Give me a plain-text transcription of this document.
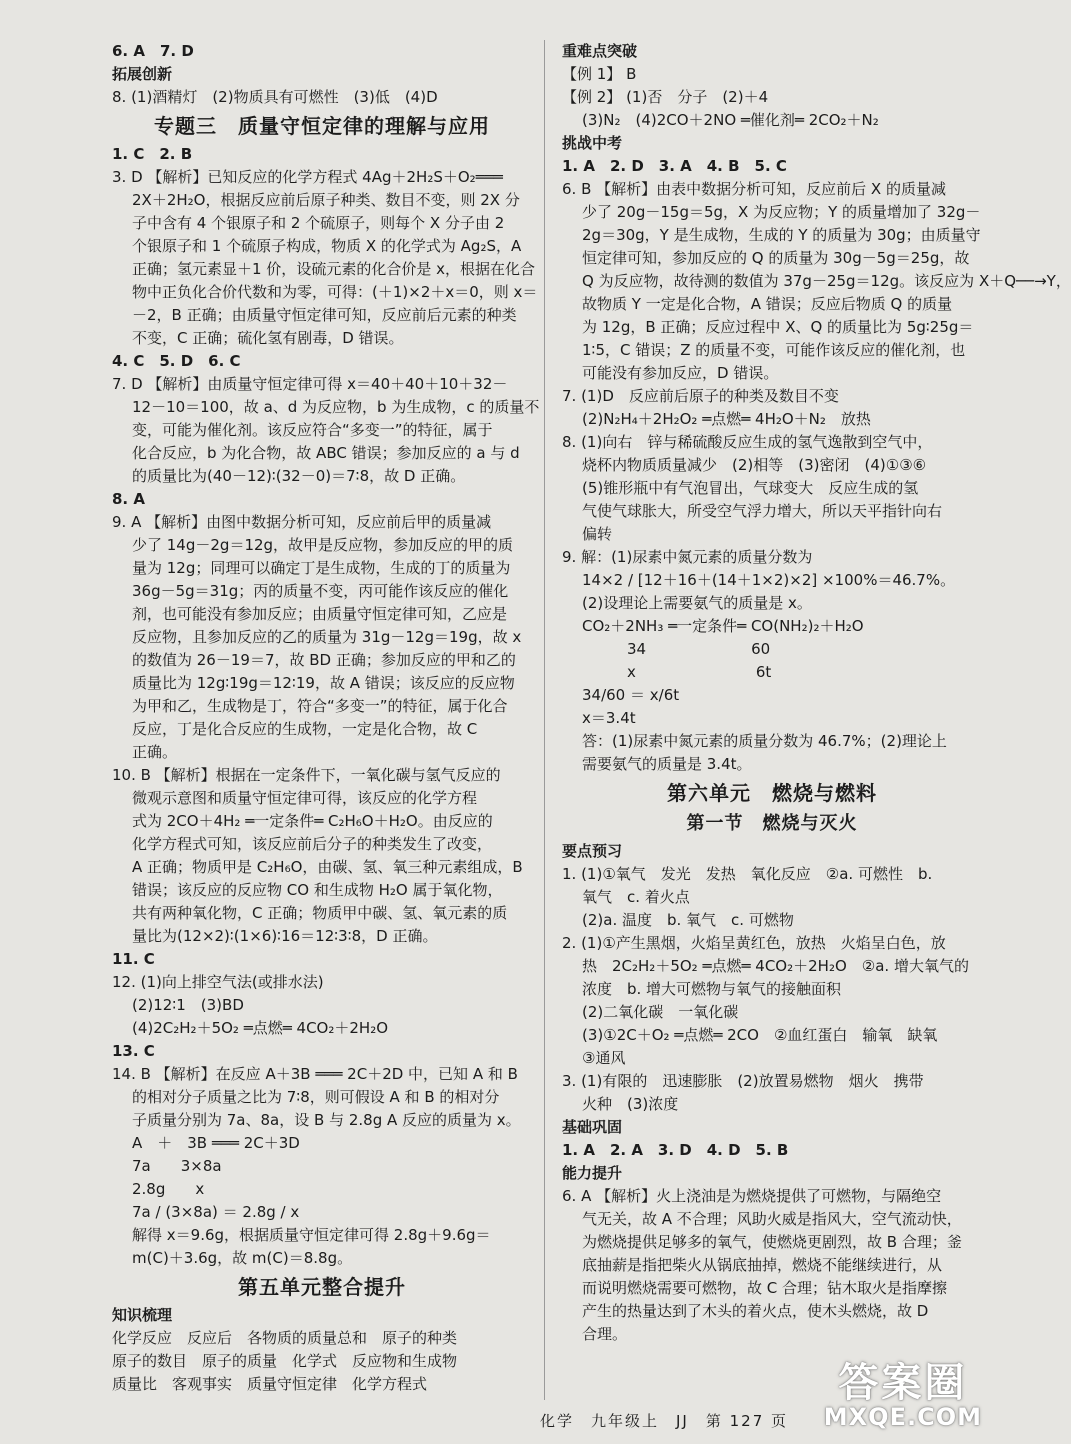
6. A　7. D
拓展创新
8. (1)酒精灯　(2)物质具有可燃性　(3)低　(4)D
专题三　质量守恒定律的理解与应用
1. C　2. B
3. D 【解析】已知反应的化学方程式 4Ag＋2H₂S＋O₂═══
2X＋2H₂O，根据反应前后原子种类、数目不变，则 2X 分
子中含有 4 个银原子和 2 个硫原子，则每个 X 分子由 2
个银原子和 1 个硫原子构成，物质 X 的化学式为 Ag₂S，A
正确；氢元素显＋1 价，设硫元素的化合价是 x，根据在化合
物中正负化合价代数和为零，可得：(＋1)×2＋x＝0，则 x＝
－2，B 正确；由质量守恒定律可知，反应前后元素的种类
不变，C 正确；硫化氢有剧毒，D 错误。
4. C　5. D　6. C
7. D 【解析】由质量守恒定律可得 x＝40＋40＋10＋32－
12－10＝100，故 a、d 为反应物，b 为生成物，c 的质量不
变，可能为催化剂。该反应符合“多变一”的特征，属于
化合反应，b 为化合物，故 ABC 错误；参加反应的 a 与 d
的质量比为(40－12)∶(32－0)＝7∶8，故 D 正确。
8. A
9. A 【解析】由图中数据分析可知，反应前后甲的质量减
少了 14g－2g＝12g，故甲是反应物，参加反应的甲的质
量为 12g；同理可以确定丁是生成物，生成的丁的质量为
36g－5g＝31g；丙的质量不变，丙可能作该反应的催化
剂，也可能没有参加反应；由质量守恒定律可知，乙应是
反应物，且参加反应的乙的质量为 31g－12g＝19g，故 x
的数值为 26－19＝7，故 BD 正确；参加反应的甲和乙的
质量比为 12g∶19g＝12∶19，故 A 错误；该反应的反应物
为甲和乙，生成物是丁，符合“多变一”的特征，属于化合
反应，丁是化合反应的生成物，一定是化合物，故 C
正确。
10. B 【解析】根据在一定条件下，一氧化碳与氢气反应的
微观示意图和质量守恒定律可得，该反应的化学方程
式为 2CO＋4H₂ ═一定条件═ C₂H₆O＋H₂O。由反应的
化学方程式可知，该反应前后分子的种类发生了改变，
A 正确；物质甲是 C₂H₆O，由碳、氢、氧三种元素组成，B
错误；该反应的反应物 CO 和生成物 H₂O 属于氧化物，
共有两种氧化物，C 正确；物质甲中碳、氢、氧元素的质
量比为(12×2)∶(1×6)∶16＝12∶3∶8，D 正确。
11. C
12. (1)向上排空气法(或排水法)
(2)12∶1　(3)BD
(4)2C₂H₂＋5O₂ ═点燃═ 4CO₂＋2H₂O
13. C
14. B 【解析】在反应 A＋3B ═══ 2C＋2D 中，已知 A 和 B
的相对分子质量之比为 7∶8，则可假设 A 和 B 的相对分
子质量分别为 7a、8a，设 B 与 2.8g A 反应的质量为 x。
A　＋　3B ═══ 2C＋3D
7a　　3×8a
2.8g　　x
7a / (3×8a) ＝ 2.8g / x
解得 x＝9.6g，根据质量守恒定律可得 2.8g＋9.6g＝
m(C)＋3.6g，故 m(C)＝8.8g。
第五单元整合提升
知识梳理
化学反应　反应后　各物质的质量总和　原子的种类
原子的数目　原子的质量　化学式　反应物和生成物
质量比　客观事实　质量守恒定律　化学方程式
重难点突破
【例 1】 B
【例 2】 (1)否　分子　(2)＋4
(3)N₂　(4)2CO＋2NO ═催化剂═ 2CO₂＋N₂
挑战中考
1. A　2. D　3. A　4. B　5. C
6. B 【解析】由表中数据分析可知，反应前后 X 的质量减
少了 20g－15g＝5g，X 为反应物；Y 的质量增加了 32g－
2g＝30g，Y 是生成物，生成的 Y 的质量为 30g；由质量守
恒定律可知，参加反应的 Q 的质量为 30g－5g＝25g，故
Q 为反应物，故待测的数值为 37g－25g＝12g。该反应为 X＋Q──→Y，
故物质 Y 一定是化合物，A 错误；反应后物质 Q 的质量
为 12g，B 正确；反应过程中 X、Q 的质量比为 5g∶25g＝
1∶5，C 错误；Z 的质量不变，可能作该反应的催化剂，也
可能没有参加反应，D 错误。
7. (1)D　反应前后原子的种类及数目不变
(2)N₂H₄＋2H₂O₂ ═点燃═ 4H₂O＋N₂　放热
8. (1)向右　锌与稀硫酸反应生成的氢气逸散到空气中，
烧杯内物质质量减少　(2)相等　(3)密闭　(4)①③⑥
(5)锥形瓶中有气泡冒出，气球变大　反应生成的氢
气使气球胀大，所受空气浮力增大，所以天平指针向右
偏转
9. 解：(1)尿素中氮元素的质量分数为
14×2 / [12＋16＋(14＋1×2)×2] ×100%＝46.7%。
(2)设理论上需要氨气的质量是 x。
CO₂＋2NH₃ ═一定条件═ CO(NH₂)₂＋H₂O
　　　34　　　　　　　60
　　　x　　　　　　　　6t
34/60 ＝ x/6t
x＝3.4t
答：(1)尿素中氮元素的质量分数为 46.7%；(2)理论上
需要氨气的质量是 3.4t。
第六单元　燃烧与燃料
第一节　燃烧与灭火
要点预习
1. (1)①氧气　发光　发热　氧化反应　②a. 可燃性　b.
氧气　c. 着火点
(2)a. 温度　b. 氧气　c. 可燃物
2. (1)①产生黑烟，火焰呈黄红色，放热　火焰呈白色，放
热　2C₂H₂＋5O₂ ═点燃═ 4CO₂＋2H₂O　②a. 增大氧气的
浓度　b. 增大可燃物与氧气的接触面积
(2)二氧化碳　一氧化碳
(3)①2C＋O₂ ═点燃═ 2CO　②血红蛋白　输氧　缺氧
③通风
3. (1)有限的　迅速膨胀　(2)放置易燃物　烟火　携带
火种　(3)浓度
基础巩固
1. A　2. A　3. D　4. D　5. B
能力提升
6. A 【解析】火上浇油是为燃烧提供了可燃物，与隔绝空
气无关，故 A 不合理；风助火威是指风大，空气流动快，
为燃烧提供足够多的氧气，使燃烧更剧烈，故 B 合理；釜
底抽薪是指把柴火从锅底抽掉，燃烧不能继续进行，从
而说明燃烧需要可燃物，故 C 合理；钻木取火是指摩擦
产生的热量达到了木头的着火点，使木头燃烧，故 D
合理。
化学　九年级上　JJ　第 127 页
答案圈
MXQE.COM
